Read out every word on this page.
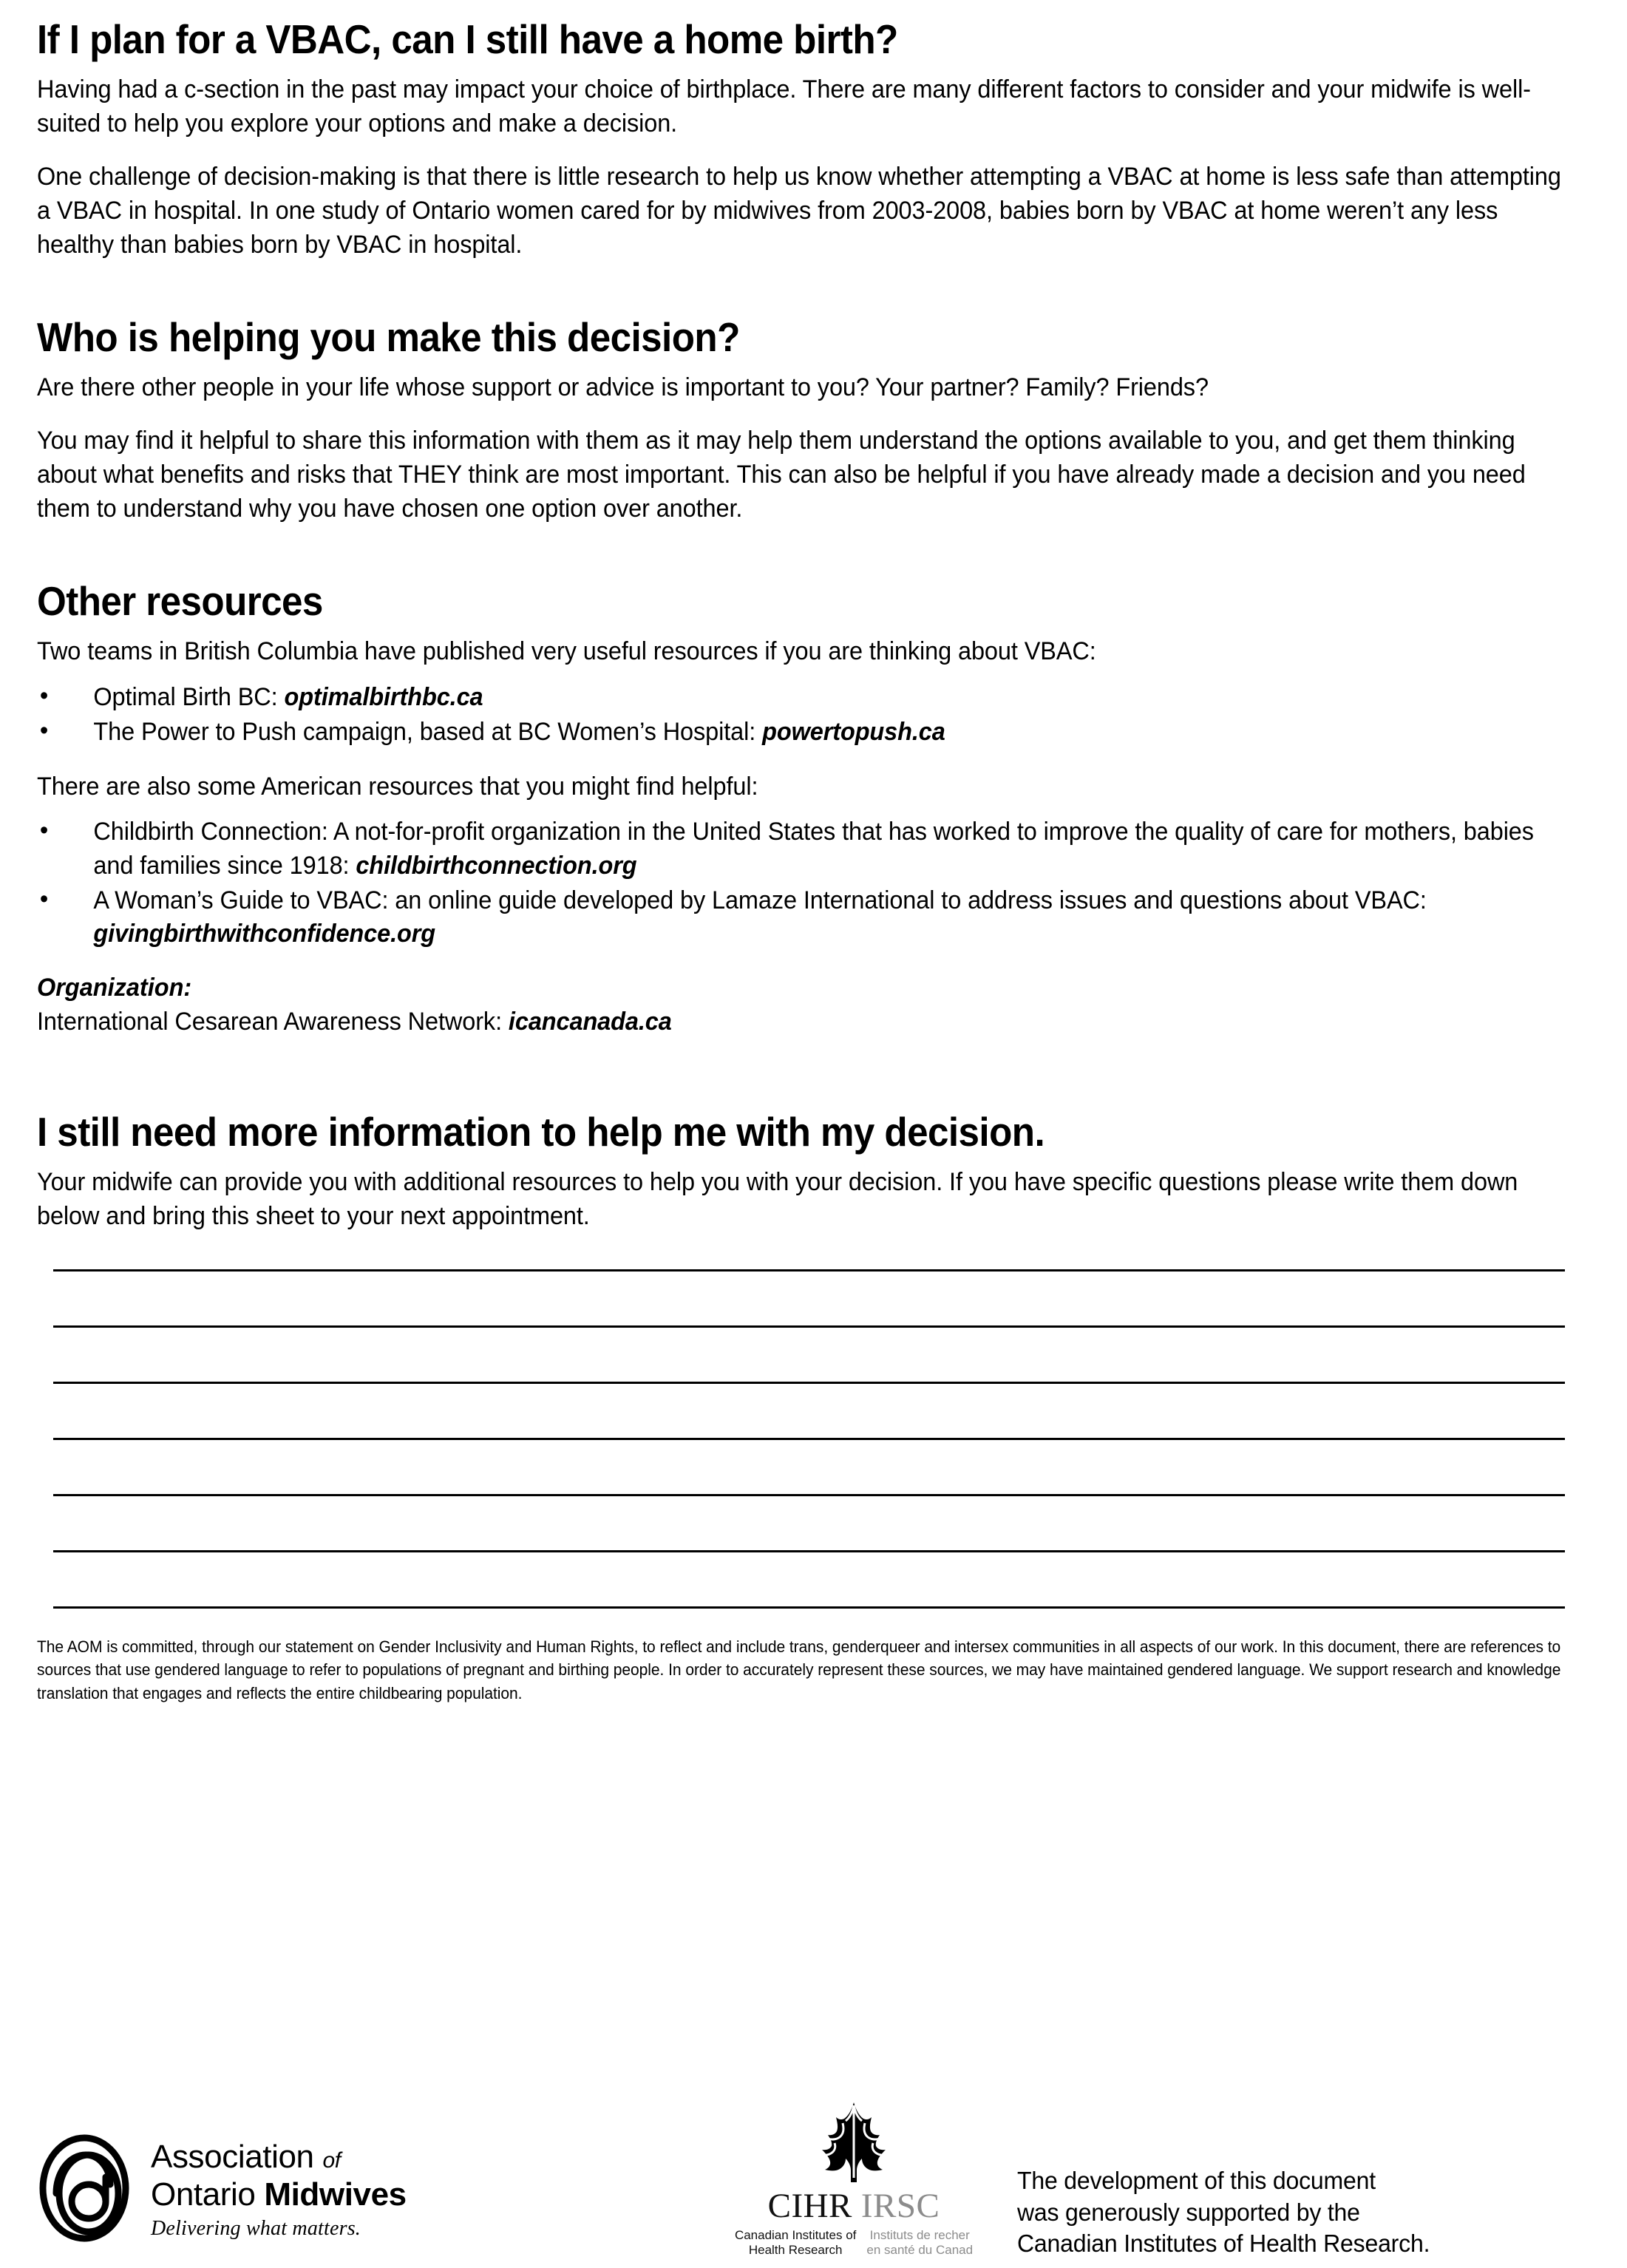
If I plan for a VBAC, can I still have a home birth?

Having had a c-section in the past may impact your choice of birthplace. There are many different factors to consider and your midwife is well-suited to help you explore your options and make a decision.

One challenge of decision-making is that there is little research to help us know whether attempting a VBAC at home is less safe than attempting a VBAC in hospital. In one study of Ontario women cared for by midwives from 2003-2008, babies born by VBAC at home weren’t any less healthy than babies born by VBAC in hospital.

Who is helping you make this decision?

Are there other people in your life whose support or advice is important to you? Your partner? Family? Friends?

You may find it helpful to share this information with them as it may help them understand the options available to you, and get them thinking about what benefits and risks that THEY think are most important. This can also be helpful if you have already made a decision and you need them to understand why you have chosen one option over another.

Other resources

Two teams in British Columbia have published very useful resources if you are thinking about VBAC:

• Optimal Birth BC: optimalbirthbc.ca
• The Power to Push campaign, based at BC Women’s Hospital: powertopush.ca

There are also some American resources that you might find helpful:

• Childbirth Connection: A not-for-profit organization in the United States that has worked to improve the quality of care for mothers, babies and families since 1918: childbirthconnection.org
• A Woman’s Guide to VBAC: an online guide developed by Lamaze International to address issues and questions about VBAC: givingbirthwithconfidence.org
Organization:

International Cesarean Awareness Network: icancanada.ca

I still need more information to help me with my decision.

Your midwife can provide you with additional resources to help you with your decision. If you have specific questions please write them down below and bring this sheet to your next appointment.

The AOM is committed, through our statement on Gender Inclusivity and Human Rights, to reflect and include trans, genderqueer and intersex communities in all aspects of our work. In this document, there are references to sources that use gendered language to refer to populations of pregnant and birthing people. In order to accurately represent these sources, we may have maintained gendered language. We support research and knowledge translation that engages and reflects the entire childbearing population.

Association of
Ontario Midwives
Delivering what matters.
CIHR IRSC
Canadian Institutes of
Health Research
Instituts de recher
en santé du Canad
The development of this document
was generously supported by the
Canadian Institutes of Health Research.
